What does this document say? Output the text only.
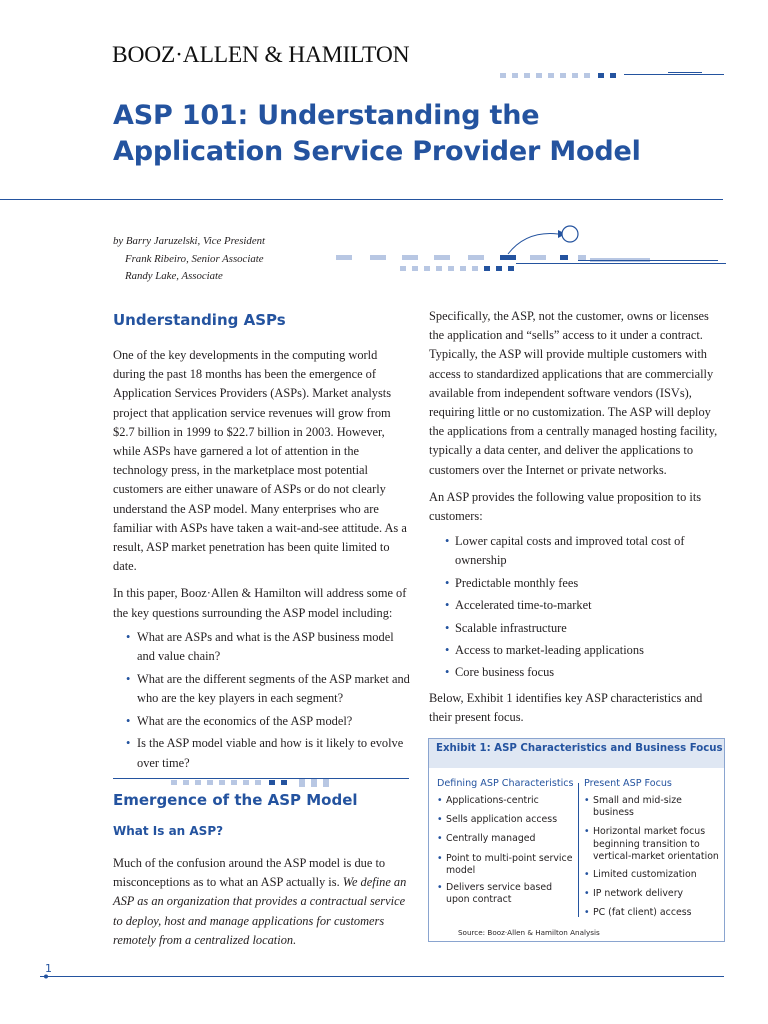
BOOZ·ALLEN & HAMILTON
ASP 101: Understanding the
Application Service Provider Model
by Barry Jaruzelski, Vice President
Frank Ribeiro, Senior Associate
Randy Lake, Associate
Understanding ASPs

One of the key developments in the computing world during the past 18 months has been the emergence of Application Services Providers (ASPs). Market analysts project that application service revenues will grow from $2.7 billion in 1999 to $22.7 billion in 2003. However, while ASPs have garnered a lot of attention in the technology press, in the marketplace most potential customers are either unaware of ASPs or do not clearly understand the ASP model. Many enterprises who are familiar with ASPs have taken a wait-and-see attitude. As a result, ASP market penetration has been quite limited to date.

In this paper, Booz·Allen & Hamilton will address some of the key questions surrounding the ASP model including:

• What are ASPs and what is the ASP business model and value chain?
• What are the different segments of the ASP market and who are the key players in each segment?
• What are the economics of the ASP model?
• Is the ASP model viable and how is it likely to evolve over time?
Emergence of the ASP Model
What Is an ASP?

Much of the confusion around the ASP model is due to misconceptions as to what an ASP actually is. We define an ASP as an organization that provides a contractual service to deploy, host and manage applications for customers remotely from a centralized location.

Specifically, the ASP, not the customer, owns or licenses the application and “sells” access to it under a contract. Typically, the ASP will provide multiple customers with access to standardized applications that are commercially available from independent software vendors (ISVs), requiring little or no customization. The ASP will deploy the applications from a centrally managed hosting facility, typically a data center, and deliver the applications to customers over the Internet or private networks.

An ASP provides the following value proposition to its customers:

• Lower capital costs and improved total cost of ownership
• Predictable monthly fees
• Accelerated time-to-market
• Scalable infrastructure
• Access to market-leading applications
• Core business focus

Below, Exhibit 1 identifies key ASP characteristics and their present focus.

Exhibit 1: ASP Characteristics and Business Focus
Defining ASP Characteristics
• Applications-centric
• Sells application access
• Centrally managed
• Point to multi-point service model
• Delivers service based upon contract
Present ASP Focus
• Small and mid-size business
• Horizontal market focus beginning transition to vertical-market orientation
• Limited customization
• IP network delivery
• PC (fat client) access
Source: Booz·Allen & Hamilton Analysis
1
